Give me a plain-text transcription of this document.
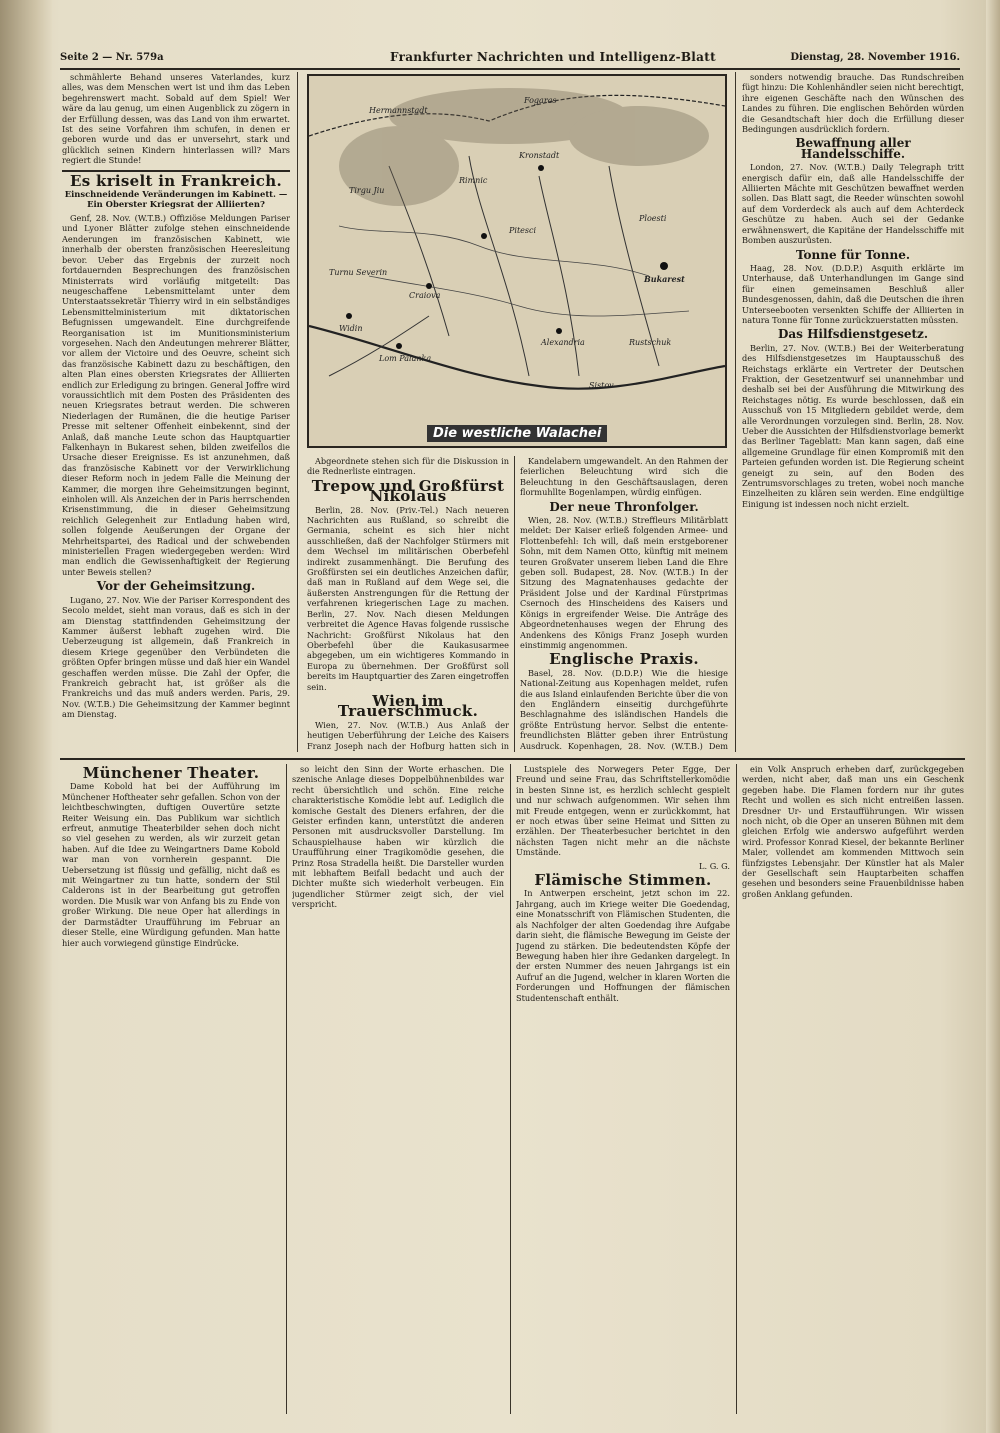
Seite 2 — Nr. 579a	Frankfurter Nachrichten und Intelligenz-Blatt	Dienstag, 28. November 1916.

schmählerte Behand unseres Vaterlandes, kurz alles, was dem Menschen wert ist und ihm das Leben begehrenswert macht. Sobald auf dem Spiel! Wer wäre da lau genug, um einen Augenblick zu zögern in der Erfüllung dessen, was das Land von ihm erwartet. Ist des seine Vorfahren ihm schufen, in denen er geboren wurde und das er unversehrt, stark und glücklich seinen Kindern hinterlassen will? Mars regiert die Stunde!

Es kriselt in Frankreich.
Einschneidende Veränderungen im Kabinett. — Ein Oberster Kriegsrat der Alliierten?

Genf, 28. Nov. (W.T.B.) Offiziöse Meldungen Pariser und Lyoner Blätter zufolge stehen einschneidende Aenderungen im französischen Kabinett, wie innerhalb der obersten französischen Heeresleitung bevor. Ueber das Ergebnis der zurzeit noch fortdauernden Besprechungen des französischen Ministerrats wird vorläufig mitgeteilt: Das neugeschaffene Lebensmittelamt unter dem Unterstaatssekretär Thierry wird in ein selbständiges Lebensmittelministerium mit diktatorischen Befugnissen umgewandelt. Eine durchgreifende Reorganisation ist im Munitionsministerium vorgesehen. Nach den Andeutungen mehrerer Blätter, vor allem der Victoire und des Oeuvre, scheint sich das französische Kabinett dazu zu beschäftigen, den alten Plan eines obersten Kriegsrates der Alliierten endlich zur Erledigung zu bringen. General Joffre wird voraussichtlich mit dem Posten des Präsidenten des neuen Kriegsrates betraut werden. Die schweren Niederlagen der Rumänen, die die heutige Pariser Presse mit seltener Offenheit einbekennt, sind der Anlaß, daß manche Leute schon das Hauptquartier Falkenhayn in Bukarest sehen, bilden zweifellos die Ursache dieser Ereignisse. Es ist anzunehmen, daß das französische Kabinett vor der Verwirklichung dieser Reform noch in jedem Falle die Meinung der Kammer, die morgen ihre Geheimsitzungen beginnt, einholen will. Als Anzeichen der in Paris herrschenden Krisenstimmung, die in dieser Geheimsitzung reichlich Gelegenheit zur Entladung haben wird, sollen folgende Aeußerungen der Organe der Mehrheitspartei, des Radical und der schwebenden ministeriellen Fragen wiedergegeben werden: Wird man endlich die Gewissenhaftigkeit der Regierung unter Beweis stellen?

Vor der Geheimsitzung.

Lugano, 27. Nov. Wie der Pariser Korrespondent des Secolo meldet, sieht man voraus, daß es sich in der am Dienstag stattfindenden Geheimsitzung der Kammer äußerst lebhaft zugehen wird. Die Ueberzeugung ist allgemein, daß Frankreich in diesem Kriege gegenüber den Verbündeten die größten Opfer bringen müsse und daß hier ein Wandel geschaffen werden müsse. Die Zahl der Opfer, die Frankreich gebracht hat, ist größer als die Frankreichs und das muß anders werden. Paris, 29. Nov. (W.T.B.) Die Geheimsitzung der Kammer beginnt am Dienstag.

Kronstadt
Fogaras
Hermannstadt
Turnu Severin
Ploesti
Bukarest
Craiova
Widin
Lom Palanka
Alexandria	Rustschuk
Sistov
Rimnic
Pitesci
Tirgu Jiu
Die westliche Walachei

Abgeordnete stehen sich für die Diskussion in die Rednerliste eintragen.

Trepow und Großfürst Nikolaus

Berlin, 28. Nov. (Priv.-Tel.) Nach neueren Nachrichten aus Rußland, so schreibt die Germania, scheint es sich hier nicht ausschließen, daß der Nachfolger Stürmers mit dem Wechsel im militärischen Oberbefehl indirekt zusammenhängt. Die Berufung des Großfürsten sei ein deutliches Anzeichen dafür, daß man in Rußland auf dem Wege sei, die äußersten Anstrengungen für die Rettung der verfahrenen kriegerischen Lage zu machen. Berlin, 27. Nov. Nach diesen Meldungen verbreitet die Agence Havas folgende russische Nachricht: Großfürst Nikolaus hat den Oberbefehl über die Kaukasusarmee abgegeben, um ein wichtigeres Kommando in Europa zu übernehmen. Der Großfürst soll bereits im Hauptquartier des Zaren eingetroffen sein.

Wien im Trauerschmuck.

Wien, 27. Nov. (W.T.B.) Aus Anlaß der heutigen Ueberführung der Leiche des Kaisers Franz Joseph nach der Hofburg hatten sich in

Kandelabern umgewandelt. An den Rahmen der feierlichen Beleuchtung wird sich die Beleuchtung in den Geschäftsauslagen, deren flormuhllte Bogenlampen, würdig einfügen.

Der neue Thronfolger.

Wien, 28. Nov. (W.T.B.) Streffleurs Militärblatt meldet: Der Kaiser erließ folgenden Armee- und Flottenbefehl: Ich will, daß mein erstgeborener Sohn, mit dem Namen Otto, künftig mit meinem teuren Großvater unserem lieben Land die Ehre geben soll. Budapest, 28. Nov. (W.T.B.) In der Sitzung des Magnatenhauses gedachte der Präsident Jolse und der Kardinal Fürstprimas Csernoch des Hinscheidens des Kaisers und Königs in ergreifender Weise. Die Anträge des Abgeordnetenhauses wegen der Ehrung des Andenkens des Königs Franz Joseph wurden einstimmig angenommen.

Englische Praxis.

Basel, 28. Nov. (D.D.P.) Wie die hiesige National-Zeitung aus Kopenhagen meldet, rufen die aus Island einlaufenden Berichte über die von den Engländern einseitig durchgeführte Beschlagnahme des isländischen Handels die größte Entrüstung hervor. Selbst die entente-freundlichsten Blätter geben ihrer Entrüstung Ausdruck. Kopenhagen, 28. Nov. (W.T.B.) Dem

sonders notwendig brauche. Das Rundschreiben fügt hinzu: Die Kohlenhändler seien nicht berechtigt, ihre eigenen Geschäfte nach den Wünschen des Landes zu führen. Die englischen Behörden würden die Gesandtschaft hier doch die Erfüllung dieser Bedingungen ausdrücklich fordern.

Bewaffnung aller Handelsschiffe.

London, 27. Nov. (W.T.B.) Daily Telegraph tritt energisch dafür ein, daß alle Handelsschiffe der Alliierten Mächte mit Geschützen bewaffnet werden sollen. Das Blatt sagt, die Reeder wünschten sowohl auf dem Vorderdeck als auch auf dem Achterdeck Geschütze zu haben. Auch sei der Gedanke erwähnenswert, die Kapitäne der Handelsschiffe mit Bomben auszurüsten.

Tonne für Tonne.

Haag, 28. Nov. (D.D.P.) Asquith erklärte im Unterhause, daß Unterhandlungen im Gange sind für einen gemeinsamen Beschluß aller Bundesgenossen, dahin, daß die Deutschen die ihren Unterseebooten versenkten Schiffe der Alliierten in natura Tonne für Tonne zurückzuerstatten müssten.

Das Hilfsdienstgesetz.

Berlin, 27. Nov. (W.T.B.) Bei der Weiterberatung des Hilfsdienstgesetzes im Hauptausschuß des Reichstags erklärte ein Vertreter der Deutschen Fraktion, der Gesetzentwurf sei unannehmbar und deshalb sei bei der Ausführung die Mitwirkung des Reichstages nötig. Es wurde beschlossen, daß ein Ausschuß von 15 Mitgliedern gebildet werde, dem alle Verordnungen vorzulegen sind. Berlin, 28. Nov. Ueber die Aussichten der Hilfsdienstvorlage bemerkt das Berliner Tageblatt: Man kann sagen, daß eine allgemeine Grundlage für einen Kompromiß mit den Parteien gefunden worden ist. Die Regierung scheint geneigt zu sein, auf den Boden des Zentrumsvorschlages zu treten, wobei noch manche Einzelheiten zu klären sein werden. Eine endgültige Einigung ist indessen noch nicht erzielt.

Münchener Theater.

Dame Kobold hat bei der Aufführung im Münchener Hoftheater sehr gefallen. Schon von der leichtbeschwingten, duftigen Ouvertüre setzte Reiter Weisung ein. Das Publikum war sichtlich erfreut, anmutige Theaterbilder sehen doch nicht so viel gesehen zu werden, als wir zurzeit getan haben. Auf die Idee zu Weingartners Dame Kobold war man von vornherein gespannt. Die Uebersetzung ist flüssig und gefällig, nicht daß es mit Weingartner zu tun hatte, sondern der Stil Calderons ist in der Bearbeitung gut getroffen worden. Die Musik war von Anfang bis zu Ende von großer Wirkung. Die neue Oper hat allerdings in der Darmstädter Uraufführung im Februar an dieser Stelle, eine Würdigung gefunden. Man hatte hier auch vorwiegend günstige Eindrücke.

so leicht den Sinn der Worte erhaschen. Die szenische Anlage dieses Doppelbühnenbildes war recht übersichtlich und schön. Eine reiche charakteristische Komödie lebt auf. Lediglich die komische Gestalt des Dieners erfahren, der die Geister erfinden kann, unterstützt die anderen Personen mit ausdrucksvoller Darstellung. Im Schauspielhause haben wir kürzlich die Uraufführung einer Tragikomödie gesehen, die Prinz Rosa Stradella heißt. Die Darsteller wurden mit lebhaftem Beifall bedacht und auch der Dichter mußte sich wiederholt verbeugen. Ein jugendlicher Stürmer zeigt sich, der viel verspricht.

Lustspiele des Norwegers Peter Egge, Der Freund und seine Frau, das Schriftstellerkomödie in besten Sinne ist, es herzlich schlecht gespielt und nur schwach aufgenommen. Wir sehen ihm mit Freude entgegen, wenn er zurückkommt, hat er noch etwas über seine Heimat und Sitten zu erzählen. Der Theaterbesucher berichtet in den nächsten Tagen nicht mehr an die nächste Umstände.

L. G. G.

Flämische Stimmen.

In Antwerpen erscheint, jetzt schon im 22. Jahrgang, auch im Kriege weiter Die Goedendag, eine Monatsschrift von Flämischen Studenten, die als Nachfolger der alten Goedendag ihre Aufgabe darin sieht, die flämische Bewegung im Geiste der Jugend zu stärken. Die bedeutendsten Köpfe der Bewegung haben hier ihre Gedanken dargelegt. In der ersten Nummer des neuen Jahrgangs ist ein Aufruf an die Jugend, welcher in klaren Worten die Forderungen und Hoffnungen der flämischen Studentenschaft enthält.

ein Volk Anspruch erheben darf, zurückgegeben werden, nicht aber, daß man uns ein Geschenk gegeben habe. Die Flamen fordern nur ihr gutes Recht und wollen es sich nicht entreißen lassen. Dresdner Ur- und Erstaufführungen. Wir wissen noch nicht, ob die Oper an unseren Bühnen mit dem gleichen Erfolg wie anderswo aufgeführt werden wird. Professor Konrad Kiesel, der bekannte Berliner Maler, vollendet am kommenden Mittwoch sein fünfzigstes Lebensjahr. Der Künstler hat als Maler der Gesellschaft sein Hauptarbeiten schaffen gesehen und besonders seine Frauenbildnisse haben großen Anklang gefunden.
